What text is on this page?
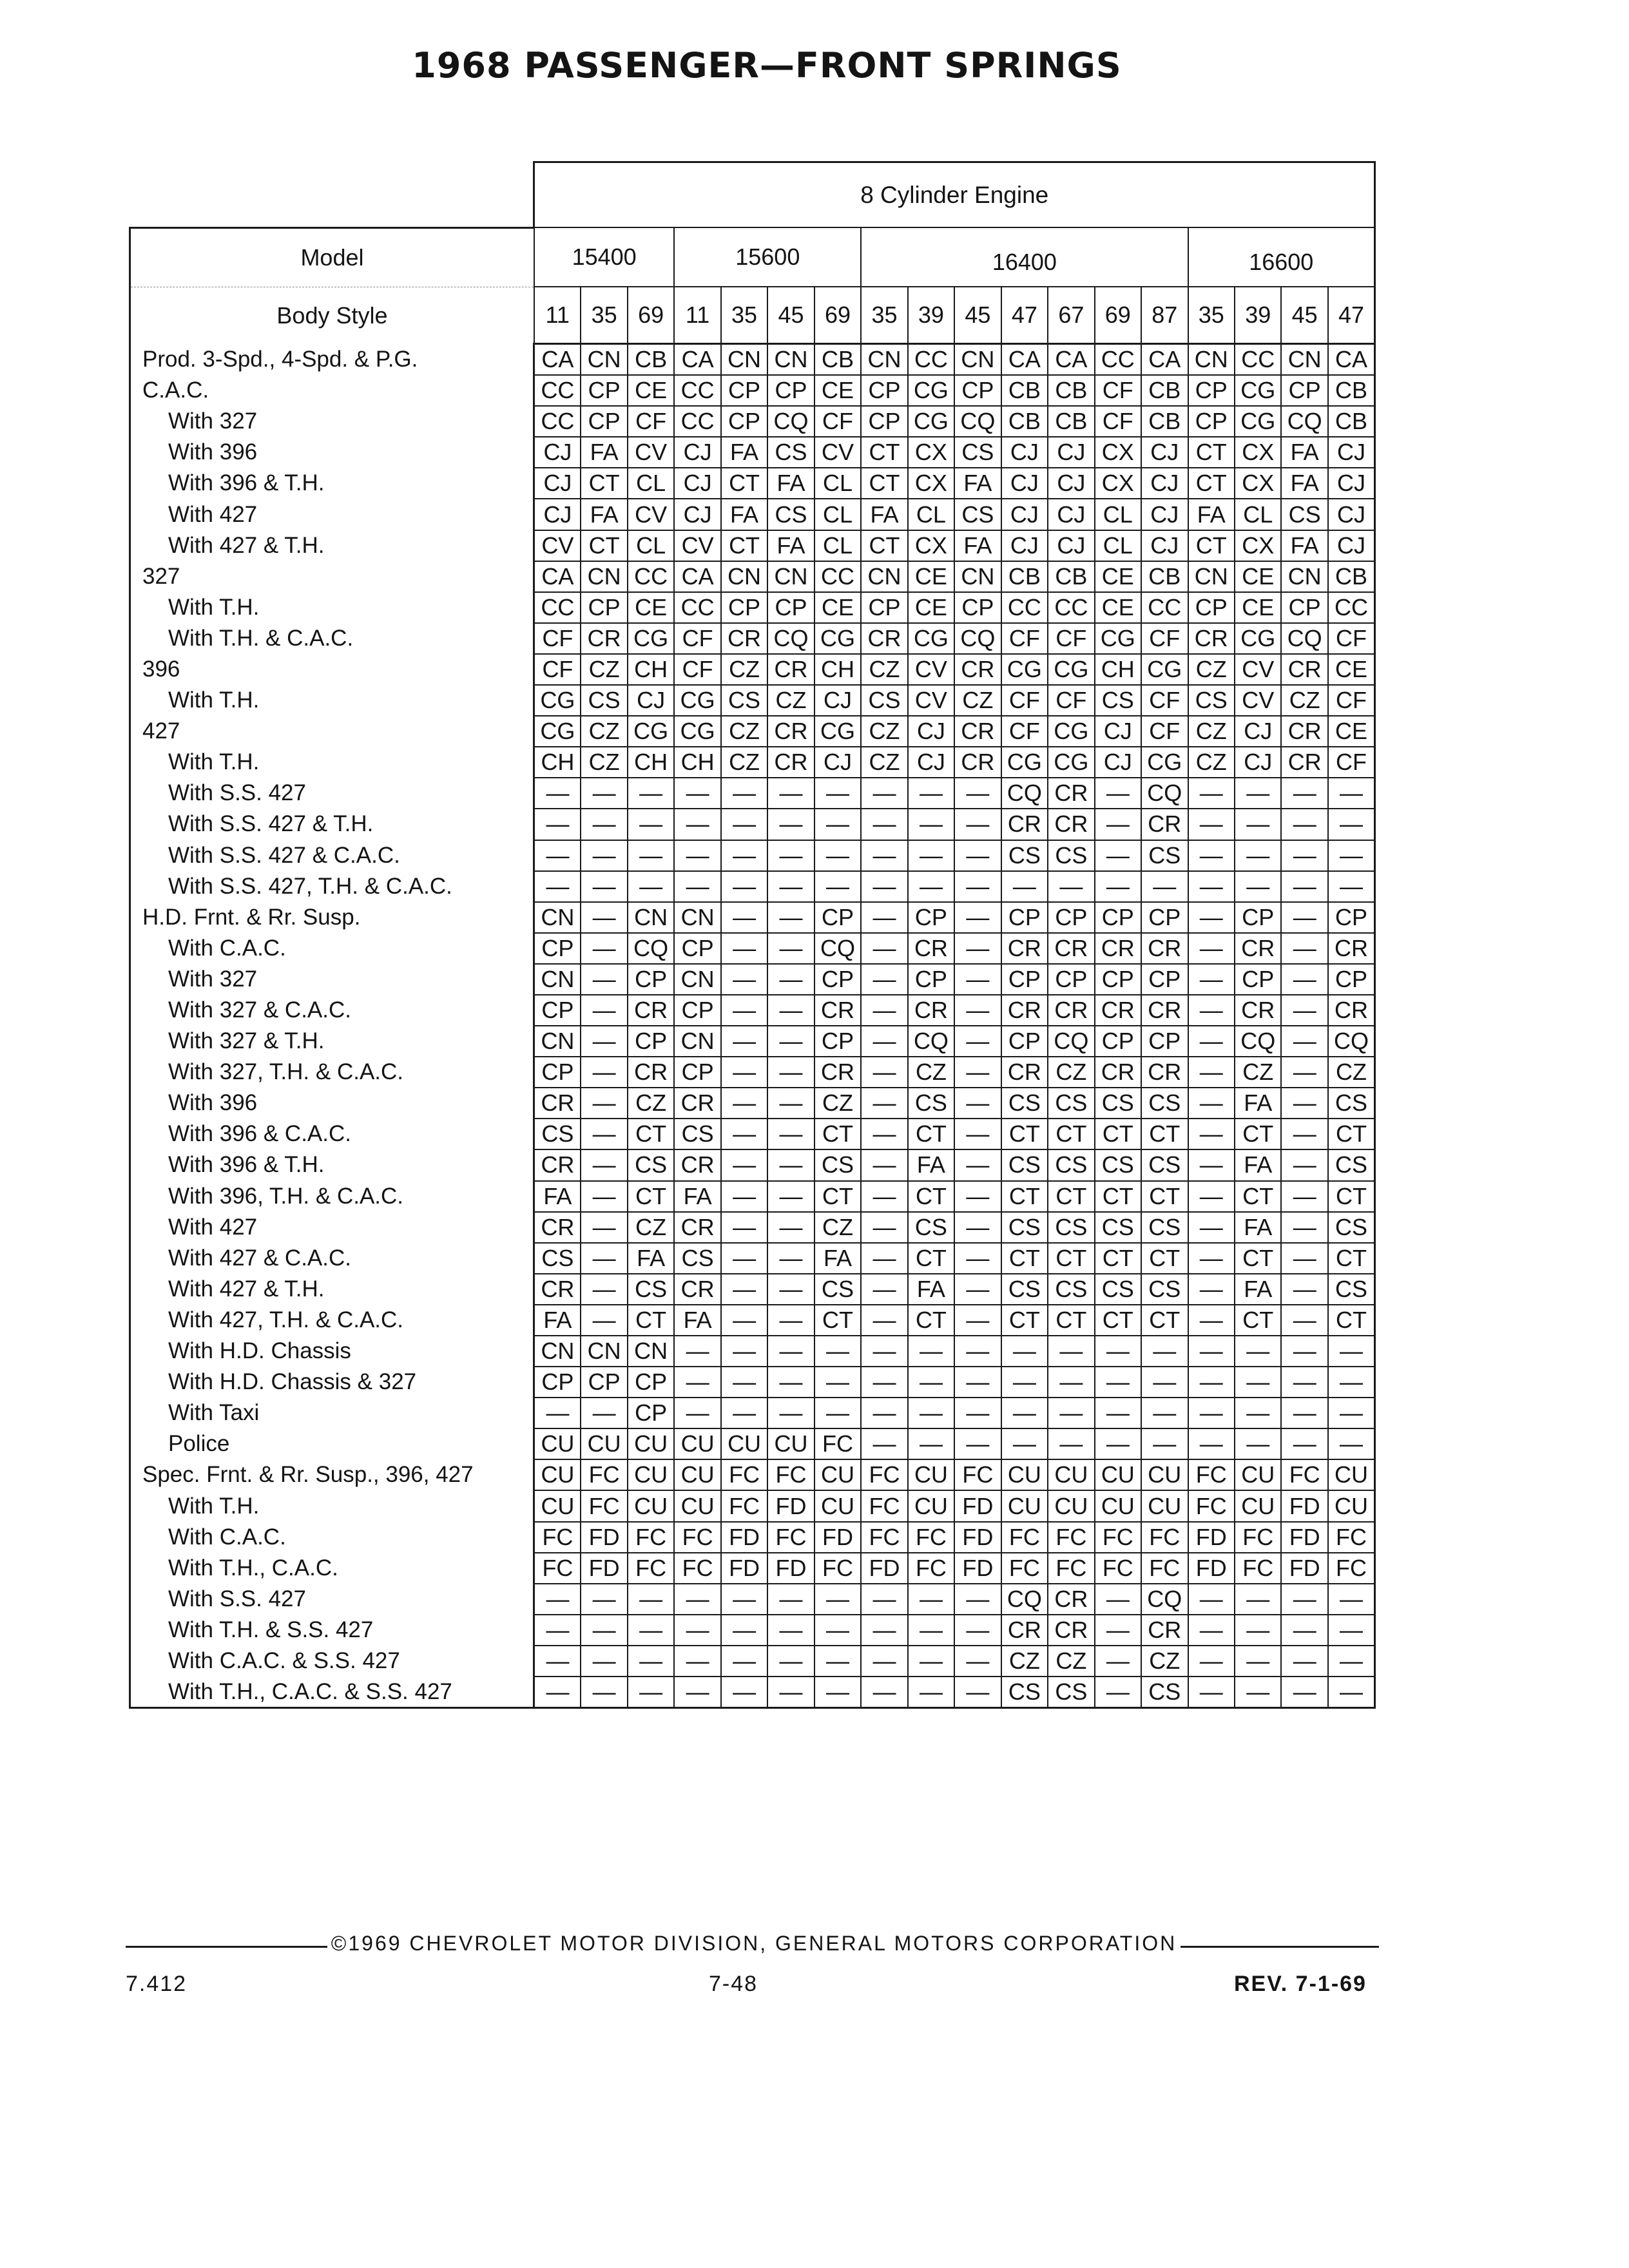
1968 PASSENGER—FRONT SPRINGS
	8 Cylinder Engine																	
Model	15400			15600				16400							16600			
Body Style	11	35	69	11	35	45	69	35	39	45	47	67	69	87	35	39	45	47
Prod. 3-Spd., 4-Spd. & P.G.	CA	CN	CB	CA	CN	CN	CB	CN	CC	CN	CA	CA	CC	CA	CN	CC	CN	CA
C.A.C.	CC	CP	CE	CC	CP	CP	CE	CP	CG	CP	CB	CB	CF	CB	CP	CG	CP	CB
With 327	CC	CP	CF	CC	CP	CQ	CF	CP	CG	CQ	CB	CB	CF	CB	CP	CG	CQ	CB
With 396	CJ	FA	CV	CJ	FA	CS	CV	CT	CX	CS	CJ	CJ	CX	CJ	CT	CX	FA	CJ
With 396 & T.H.	CJ	CT	CL	CJ	CT	FA	CL	CT	CX	FA	CJ	CJ	CX	CJ	CT	CX	FA	CJ
With 427	CJ	FA	CV	CJ	FA	CS	CL	FA	CL	CS	CJ	CJ	CL	CJ	FA	CL	CS	CJ
With 427 & T.H.	CV	CT	CL	CV	CT	FA	CL	CT	CX	FA	CJ	CJ	CL	CJ	CT	CX	FA	CJ
327	CA	CN	CC	CA	CN	CN	CC	CN	CE	CN	CB	CB	CE	CB	CN	CE	CN	CB
With T.H.	CC	CP	CE	CC	CP	CP	CE	CP	CE	CP	CC	CC	CE	CC	CP	CE	CP	CC
With T.H. & C.A.C.	CF	CR	CG	CF	CR	CQ	CG	CR	CG	CQ	CF	CF	CG	CF	CR	CG	CQ	CF
396	CF	CZ	CH	CF	CZ	CR	CH	CZ	CV	CR	CG	CG	CH	CG	CZ	CV	CR	CE
With T.H.	CG	CS	CJ	CG	CS	CZ	CJ	CS	CV	CZ	CF	CF	CS	CF	CS	CV	CZ	CF
427	CG	CZ	CG	CG	CZ	CR	CG	CZ	CJ	CR	CF	CG	CJ	CF	CZ	CJ	CR	CE
With T.H.	CH	CZ	CH	CH	CZ	CR	CJ	CZ	CJ	CR	CG	CG	CJ	CG	CZ	CJ	CR	CF
With S.S. 427	—	—	—	—	—	—	—	—	—	—	CQ	CR	—	CQ	—	—	—	—
With S.S. 427 & T.H.	—	—	—	—	—	—	—	—	—	—	CR	CR	—	CR	—	—	—	—
With S.S. 427 & C.A.C.	—	—	—	—	—	—	—	—	—	—	CS	CS	—	CS	—	—	—	—
With S.S. 427, T.H. & C.A.C.	—	—	—	—	—	—	—	—	—	—	—	—	—	—	—	—	—	—
H.D. Frnt. & Rr. Susp.	CN	—	CN	CN	—	—	CP	—	CP	—	CP	CP	CP	CP	—	CP	—	CP
With C.A.C.	CP	—	CQ	CP	—	—	CQ	—	CR	—	CR	CR	CR	CR	—	CR	—	CR
With 327	CN	—	CP	CN	—	—	CP	—	CP	—	CP	CP	CP	CP	—	CP	—	CP
With 327 & C.A.C.	CP	—	CR	CP	—	—	CR	—	CR	—	CR	CR	CR	CR	—	CR	—	CR
With 327 & T.H.	CN	—	CP	CN	—	—	CP	—	CQ	—	CP	CQ	CP	CP	—	CQ	—	CQ
With 327, T.H. & C.A.C.	CP	—	CR	CP	—	—	CR	—	CZ	—	CR	CZ	CR	CR	—	CZ	—	CZ
With 396	CR	—	CZ	CR	—	—	CZ	—	CS	—	CS	CS	CS	CS	—	FA	—	CS
With 396 & C.A.C.	CS	—	CT	CS	—	—	CT	—	CT	—	CT	CT	CT	CT	—	CT	—	CT
With 396 & T.H.	CR	—	CS	CR	—	—	CS	—	FA	—	CS	CS	CS	CS	—	FA	—	CS
With 396, T.H. & C.A.C.	FA	—	CT	FA	—	—	CT	—	CT	—	CT	CT	CT	CT	—	CT	—	CT
With 427	CR	—	CZ	CR	—	—	CZ	—	CS	—	CS	CS	CS	CS	—	FA	—	CS
With 427 & C.A.C.	CS	—	FA	CS	—	—	FA	—	CT	—	CT	CT	CT	CT	—	CT	—	CT
With 427 & T.H.	CR	—	CS	CR	—	—	CS	—	FA	—	CS	CS	CS	CS	—	FA	—	CS
With 427, T.H. & C.A.C.	FA	—	CT	FA	—	—	CT	—	CT	—	CT	CT	CT	CT	—	CT	—	CT
With H.D. Chassis	CN	CN	CN	—	—	—	—	—	—	—	—	—	—	—	—	—	—	—
With H.D. Chassis & 327	CP	CP	CP	—	—	—	—	—	—	—	—	—	—	—	—	—	—	—
With Taxi	—	—	CP	—	—	—	—	—	—	—	—	—	—	—	—	—	—	—
Police	CU	CU	CU	CU	CU	CU	FC	—	—	—	—	—	—	—	—	—	—	—
Spec. Frnt. & Rr. Susp., 396, 427	CU	FC	CU	CU	FC	FC	CU	FC	CU	FC	CU	CU	CU	CU	FC	CU	FC	CU
With T.H.	CU	FC	CU	CU	FC	FD	CU	FC	CU	FD	CU	CU	CU	CU	FC	CU	FD	CU
With C.A.C.	FC	FD	FC	FC	FD	FC	FD	FC	FC	FD	FC	FC	FC	FC	FD	FC	FD	FC
With T.H., C.A.C.	FC	FD	FC	FC	FD	FD	FC	FD	FC	FD	FC	FC	FC	FC	FD	FC	FD	FC
With S.S. 427	—	—	—	—	—	—	—	—	—	—	CQ	CR	—	CQ	—	—	—	—
With T.H. & S.S. 427	—	—	—	—	—	—	—	—	—	—	CR	CR	—	CR	—	—	—	—
With C.A.C. & S.S. 427	—	—	—	—	—	—	—	—	—	—	CZ	CZ	—	CZ	—	—	—	—
With T.H., C.A.C. & S.S. 427	—	—	—	—	—	—	—	—	—	—	CS	CS	—	CS	—	—	—	—
©1969 CHEVROLET MOTOR DIVISION, GENERAL MOTORS CORPORATION
7.412	7-48	REV. 7-1-69
